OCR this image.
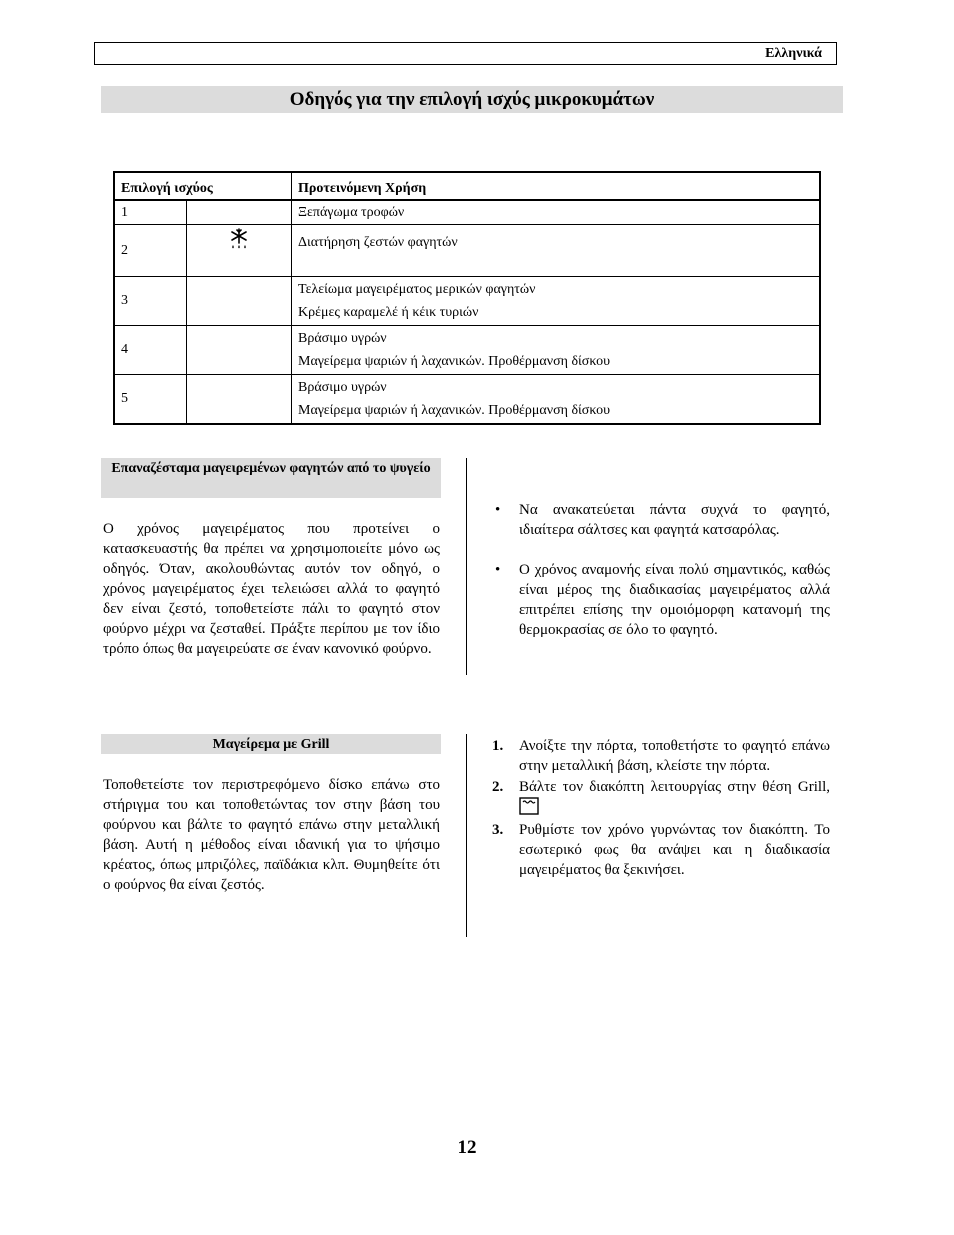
Ελληνικά
Οδηγός για την επιλογή ισχύς μικροκυμάτων
Επιλογή ισχύος		Προτεινόμενη Χρήση
1		Ξεπάγωμα τροφών

2		Διατήρηση ζεστών φαγητών

3		Τελείωμα μαγειρέματος μερικών φαγητών
Κρέμες καραμελέ ή κέικ τυριών

4		Βράσιμο υγρών
Μαγείρεμα ψαριών ή λαχανικών. Προθέρμανση δίσκου

5		Βράσιμο υγρών
Μαγείρεμα ψαριών ή λαχανικών. Προθέρμανση δίσκου
Επαναζέσταμα μαγειρεμένων φαγητών από το ψυγείο
Ο χρόνος μαγειρέματος που προτείνει ο κατασκευαστής θα πρέπει να χρησιμοποιείτε μόνο ως οδηγός. Όταν, ακολουθώντας αυτόν τον οδηγό, ο χρόνος μαγειρέματος έχει τελειώσει αλλά το φαγητό δεν είναι ζεστό, τοποθετείστε πάλι το φαγητό στον φούρνο μέχρι να ζεσταθεί. Πράξτε περίπου με τον ίδιο τρόπο όπως θα μαγειρεύατε σε έναν κανονικό φούρνο.
• Να ανακατεύεται πάντα συχνά το φαγητό, ιδιαίτερα σάλτσες και φαγητά κατσαρόλας.
• Ο χρόνος αναμονής είναι πολύ σημαντικός, καθώς είναι μέρος της διαδικασίας μαγειρέματος αλλά επιτρέπει επίσης την ομοιόμορφη κατανομή της θερμοκρασίας σε όλο το φαγητό.
Μαγείρεμα με Grill
Τοποθετείστε τον περιστρεφόμενο δίσκο επάνω στο στήριγμα του και τοποθετώντας τον στην βάση του φούρνου και βάλτε το φαγητό επάνω στην μεταλλική βάση. Αυτή η μέθοδος είναι ιδανική για το ψήσιμο κρέατος, όπως μπριζόλες, παϊδάκια κλπ. Θυμηθείτε ότι ο φούρνος θα είναι ζεστός.
1. Ανοίξτε την πόρτα, τοποθετήστε το φαγητό επάνω στην μεταλλική βάση, κλείστε την πόρτα.
2. Βάλτε τον διακόπτη λειτουργίας στην θέση Grill,
3. Ρυθμίστε τον χρόνο γυρνώντας τον διακόπτη. Το εσωτερικό φως θα ανάψει και η διαδικασία μαγειρέματος θα ξεκινήσει.
12
